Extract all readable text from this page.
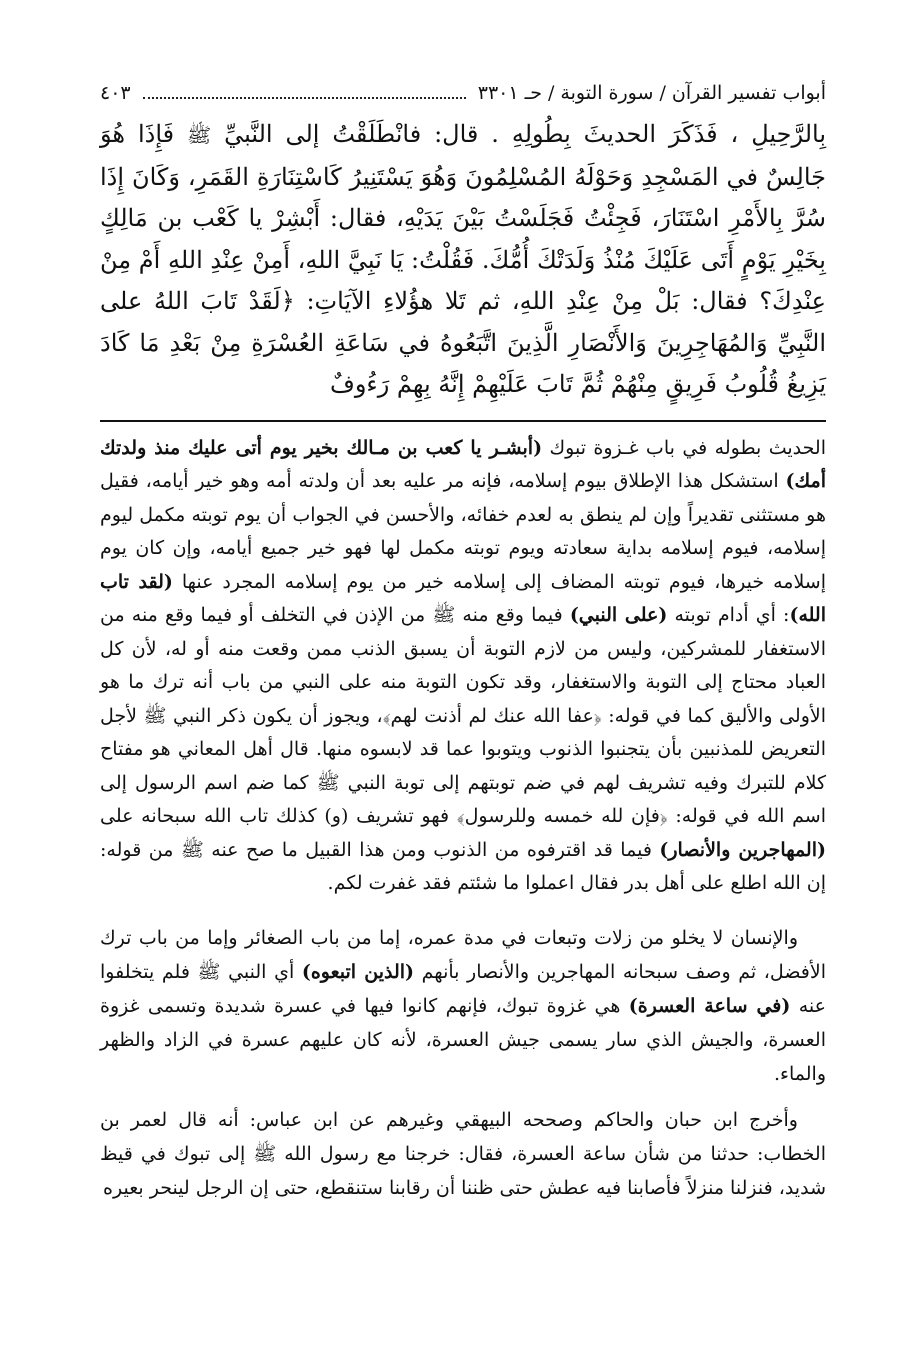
أبواب تفسير القرآن / سورة التوبة / حـ ٣٣٠١
٤٠٣

بِالرَّحِيلِ ، فَذَكَرَ الحديثَ بِطُولِهِ . قال: فانْطَلَقْتُ إلى النَّبيِّ ﷺ فَإِذَا هُوَ جَالِسٌ في المَسْجِدِ وَحَوْلَهُ المُسْلِمُونَ وَهُوَ يَسْتَنِيرُ كَاسْتِنَارَةِ القَمَرِ، وَكَانَ إِذَا سُرَّ بِالأَمْرِ اسْتَنَارَ، فَجِئْتُ فَجَلَسْتُ بَيْنَ يَدَيْهِ، فقال: أَبْشِرْ يا كَعْب بن مَالِكٍ بِخَيْرِ يَوْمٍ أَتَى عَلَيْكَ مُنْذُ وَلَدَتْكَ أُمُّكَ. فَقُلْتُ: يَا نَبِيَّ اللهِ، أَمِنْ عِنْدِ اللهِ أَمْ مِنْ عِنْدِكَ؟ فقال: بَلْ مِنْ عِنْدِ اللهِ، ثم تَلا هؤُلاءِ الآيَاتِ: ﴿لَقَدْ تَابَ اللهُ على النَّبِيِّ وَالمُهَاجِرِينَ وَالأَنْصَارِ الَّذِينَ اتَّبَعُوهُ في سَاعَةِ العُسْرَةِ مِنْ بَعْدِ مَا كَادَ يَزِيغُ قُلُوبُ فَرِيقٍ مِنْهُمْ ثُمَّ تَابَ عَلَيْهِمْ إِنَّهُ بِهِمْ رَءُوفٌ

الحديث بطوله في باب غـزوة تبوك (أبشـر يا كعب بن مـالك بخير يوم أتى عليك منذ ولدتك أمك) استشكل هذا الإطلاق بيوم إسلامه، فإنه مر عليه بعد أن ولدته أمه وهو خير أيامه، فقيل هو مستثنى تقديراً وإن لم ينطق به لعدم خفائه، والأحسن في الجواب أن يوم توبته مكمل ليوم إسلامه، فيوم إسلامه بداية سعادته ويوم توبته مكمل لها فهو خير جميع أيامه، وإن كان يوم إسلامه خيرها، فيوم توبته المضاف إلى إسلامه خير من يوم إسلامه المجرد عنها (لقد تاب الله): أي أدام توبته (على النبي) فيما وقع منه ﷺ من الإذن في التخلف أو فيما وقع منه من الاستغفار للمشركين، وليس من لازم التوبة أن يسبق الذنب ممن وقعت منه أو له، لأن كل العباد محتاج إلى التوبة والاستغفار، وقد تكون التوبة منه على النبي من باب أنه ترك ما هو الأولى والأليق كما في قوله: ﴿عفا الله عنك لم أذنت لهم﴾، ويجوز أن يكون ذكر النبي ﷺ لأجل التعريض للمذنبين بأن يتجنبوا الذنوب ويتوبوا عما قد لابسوه منها. قال أهل المعاني هو مفتاح كلام للتبرك وفيه تشريف لهم في ضم توبتهم إلى توبة النبي ﷺ كما ضم اسم الرسول إلى اسم الله في قوله: ﴿فإن لله خمسه وللرسول﴾ فهو تشريف (و) كذلك تاب الله سبحانه على (المهاجرين والأنصار) فيما قد اقترفوه من الذنوب ومن هذا القبيل ما صح عنه ﷺ من قوله: إن الله اطلع على أهل بدر فقال اعملوا ما شئتم فقد غفرت لكم.

والإنسان لا يخلو من زلات وتبعات في مدة عمره، إما من باب الصغائر وإما من باب ترك الأفضل، ثم وصف سبحانه المهاجرين والأنصار بأنهم (الذين اتبعوه) أي النبي ﷺ فلم يتخلفوا عنه (في ساعة العسرة) هي غزوة تبوك، فإنهم كانوا فيها في عسرة شديدة وتسمى غزوة العسرة، والجيش الذي سار يسمى جيش العسرة، لأنه كان عليهم عسرة في الزاد والظهر والماء.

وأخرج ابن حبان والحاكم وصححه البيهقي وغيرهم عن ابن عباس: أنه قال لعمر بن الخطاب: حدثنا من شأن ساعة العسرة، فقال: خرجنا مع رسول الله ﷺ إلى تبوك في قيظ شديد، فنزلنا منزلاً فأصابنا فيه عطش حتى ظننا أن رقابنا ستنقطع، حتى إن الرجل لينحر بعيره
